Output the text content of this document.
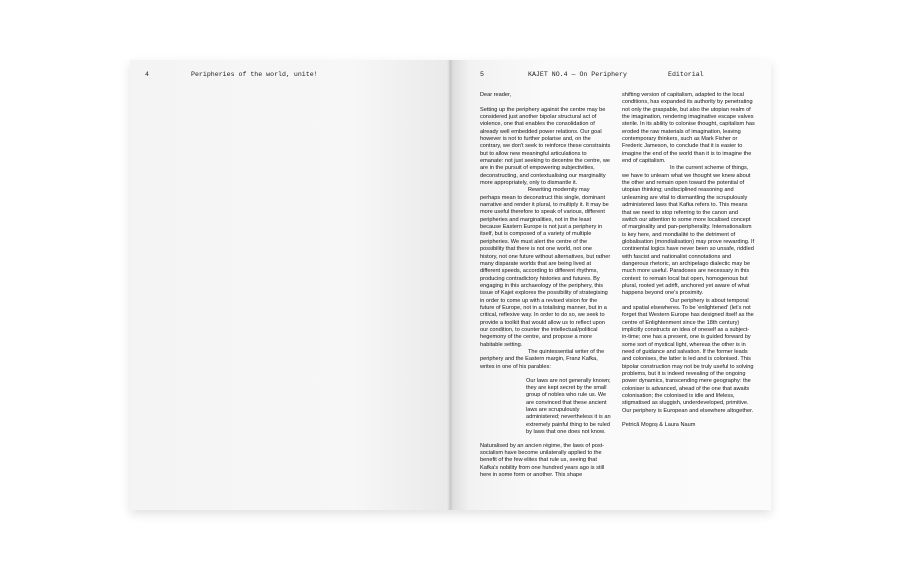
4	Peripheries of the world, unite!	5	KAJET NO.4 — On Periphery	Editorial

Dear reader,

Setting up the periphery against the centre may be considered just another bipolar structural act of violence, one that enables the consolidation of already well embedded power relations. Our goal however is not to further polarise and, on the contrary, we don't seek to reinforce these constraints but to allow new meaningful articulations to emanate: not just seeking to decentre the centre, we are in the pursuit of empowering subjectivities, deconstructing, and contextualising our marginality more appropriately, only to dismantle it.

Rewriting modernity may perhaps mean to deconstruct this single, dominant narrative and render it plural, to multiply it. It may be more useful therefore to speak of various, different peripheries and marginalities, not in the least because Eastern Europe is not just a periphery in itself, but is composed of a variety of multiple peripheries. We must alert the centre of the possibility that there is not one world, not one history, not one future without alternatives, but rather many disparate worlds that are being lived at different speeds, according to different rhythms, producing contradictory histories and futures. By engaging in this archaeology of the periphery, this issue of Kajet explores the possibility of strategising in order to come up with a revised vision for the future of Europe, not in a totalising manner, but in a critical, reflexive way. In order to do so, we seek to provide a toolkit that would allow us to reflect upon our condition, to counter the intellectual/political hegemony of the centre, and propose a more habitable setting.

The quintessential writer of the periphery and the Eastern margin, Franz Kafka, writes in one of his parables:

Our laws are not generally known; they are kept secret by the small group of nobles who rule us. We are convinced that these ancient laws are scrupulously administered; nevertheless it is an extremely painful thing to be ruled by laws that one does not know.

Naturalised by an ancien régime, the laws of post-socialism have become unilaterally applied to the benefit of the few elites that rule us, seeing that Kafka's nobility from one hundred years ago is still here in some form or another. This shape

shifting version of capitalism, adapted to the local conditions, has expanded its authority by penetrating not only the graspable, but also the utopian realm of the imagination, rendering imaginative escape valves sterile. In its ability to colonise thought, capitalism has eroded the raw materials of imagination, leaving contemporary thinkers, such as Mark Fisher or Frederic Jameson, to conclude that it is easier to imagine the end of the world than it is to imagine the end of capitalism.

In the current scheme of things, we have to unlearn what we thought we knew about the other and remain open toward the potential of utopian thinking; undisciplined reasoning and unlearning are vital to dismantling the scrupulously administered laws that Kafka refers to. This means that we need to stop referring to the canon and switch our attention to some more localised concept of marginality and pan-peripherality. Internationalism is key here, and mondialité to the detriment of globalisation (mondialisation) may prove rewarding. If continental logics have never been so unsafe, riddled with fascist and nationalist connotations and dangerous rhetoric, an archipelago dialectic may be much more useful. Paradoxes are necessary in this context: to remain local but open, homogenous but plural, rooted yet adrift, anchored yet aware of what happens beyond one's proximity.

Our periphery is about temporal and spatial elsewheres. To be 'enlightened' (let's not forget that Western Europe has designed itself as the centre of Enlightenment since the 18th century) implicitly constructs an idea of oneself as a subject-in-time; one has a present, one is guided forward by some sort of mystical light, whereas the other is in need of guidance and salvation. If the former leads and colonises, the latter is led and is colonised. This bipolar construction may not be truly useful to solving problems, but it is indeed revealing of the ongoing power dynamics, transcending mere geography: the coloniser is advanced, ahead of the one that awaits colonisation; the colonised is idle and lifeless, stigmatised as sluggish, underdeveloped, primitive. Our periphery is European and elsewhere altogether.

Petrică Mogoș & Laura Naum
